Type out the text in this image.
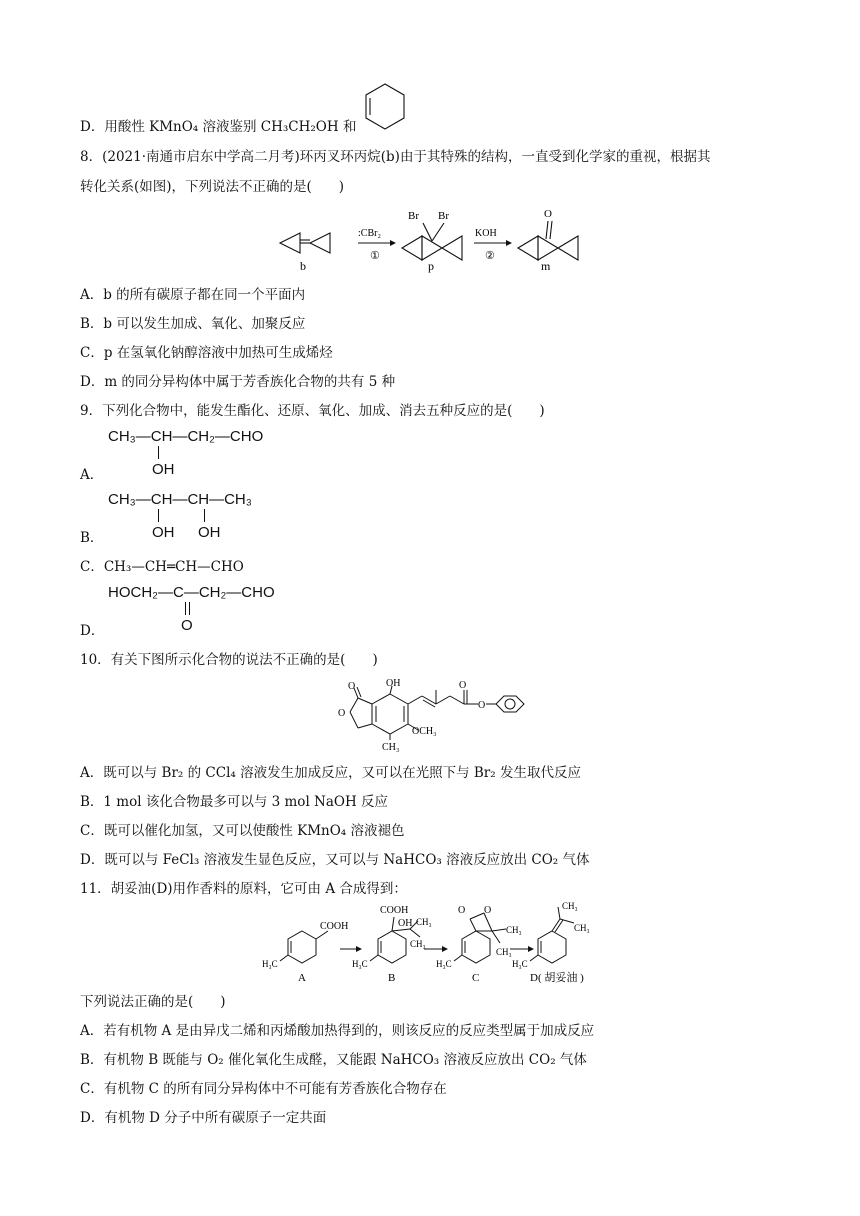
D．用酸性 KMnO₄ 溶液鉴别 CH₃CH₂OH 和
8．(2021·南通市启东中学高二月考)环丙叉环丙烷(b)由于其特殊的结构，一直受到化学家的重视，根据其
转化关系(如图)，下列说法不正确的是(　　)
b
:CBr₂
①
Br Br
p
KOH
②
O
m
A．b 的所有碳原子都在同一个平面内
B．b 可以发生加成、氧化、加聚反应
C．p 在氢氧化钠醇溶液中加热可生成烯烃
D．m 的同分异构体中属于芳香族化合物的共有 5 种
9．下列化合物中，能发生酯化、还原、氧化、加成、消去五种反应的是(　　)
CH₃—CH—CH₂—CHO
A．	OH
CH₃—CH—CH—CH₃
B．	OH OH
C．CH₃—CH═CH—CHO
HOCH₂—C—CH₂—CHO
D．	O
10．有关下图所示化合物的说法不正确的是(　　)
O	OH
O
O
O
OCH₃
CH₃
A．既可以与 Br₂ 的 CCl₄ 溶液发生加成反应，又可以在光照下与 Br₂ 发生取代反应
B．1 mol 该化合物最多可以与 3 mol NaOH 反应
C．既可以催化加氢，又可以使酸性 KMnO₄ 溶液褪色
D．既可以与 FeCl₃ 溶液发生显色反应，又可以与 NaHCO₃ 溶液反应放出 CO₂ 气体
11．胡妥油(D)用作香料的原料，它可由 A 合成得到：
COOH
H₃C
A
COOH
OH CH₃
CH₃
H₃C
B
O O
CH₃
CH₃
H₃C
C
CH₃
CH₃
H₃C
D( 胡妥油 )
下列说法正确的是(　　)
A．若有机物 A 是由异戊二烯和丙烯酸加热得到的，则该反应的反应类型属于加成反应
B．有机物 B 既能与 O₂ 催化氧化生成醛，又能跟 NaHCO₃ 溶液反应放出 CO₂ 气体
C．有机物 C 的所有同分异构体中不可能有芳香族化合物存在
D．有机物 D 分子中所有碳原子一定共面
